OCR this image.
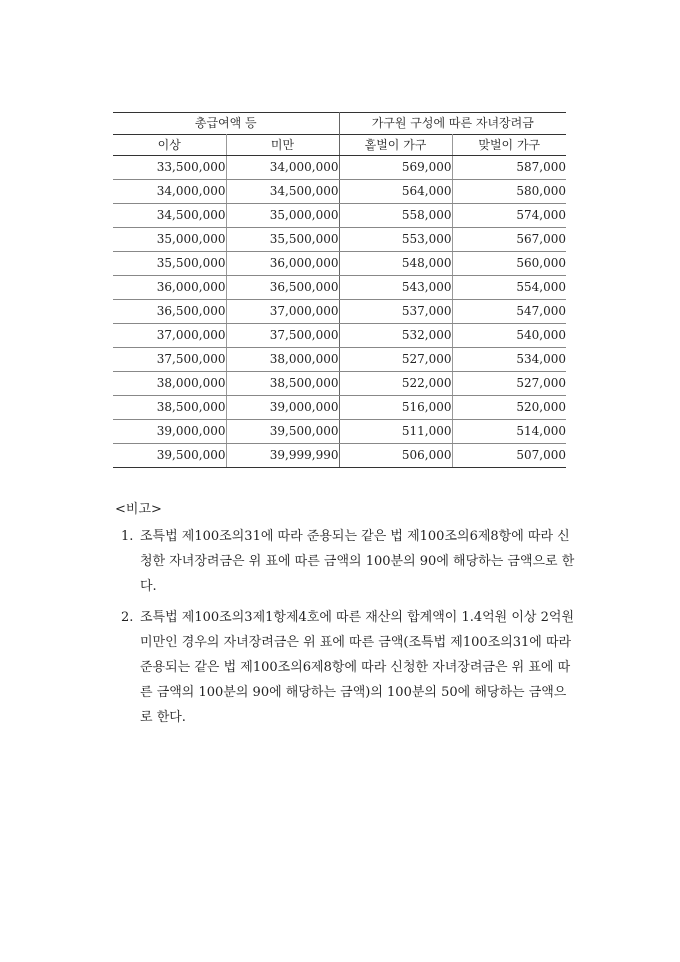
총급여액 등		가구원 구성에 따른 자녀장려금	
이상	미만	홑벌이 가구	맞벌이 가구
33,500,000	34,000,000	569,000	587,000
34,000,000	34,500,000	564,000	580,000
34,500,000	35,000,000	558,000	574,000
35,000,000	35,500,000	553,000	567,000
35,500,000	36,000,000	548,000	560,000
36,000,000	36,500,000	543,000	554,000
36,500,000	37,000,000	537,000	547,000
37,000,000	37,500,000	532,000	540,000
37,500,000	38,000,000	527,000	534,000
38,000,000	38,500,000	522,000	527,000
38,500,000	39,000,000	516,000	520,000
39,000,000	39,500,000	511,000	514,000
39,500,000	39,999,990	506,000	507,000
<비고>
1. 조특법 제100조의31에 따라 준용되는 같은 법 제100조의6제8항에 따라 신청한 자녀장려금은 위 표에 따른 금액의 100분의 90에 해당하는 금액으로 한다.
2. 조특법 제100조의3제1항제4호에 따른 재산의 합계액이 1.4억원 이상 2억원 미만인 경우의 자녀장려금은 위 표에 따른 금액(조특법 제100조의31에 따라 준용되는 같은 법 제100조의6제8항에 따라 신청한 자녀장려금은 위 표에 따른 금액의 100분의 90에 해당하는 금액)의 100분의 50에 해당하는 금액으로 한다.
